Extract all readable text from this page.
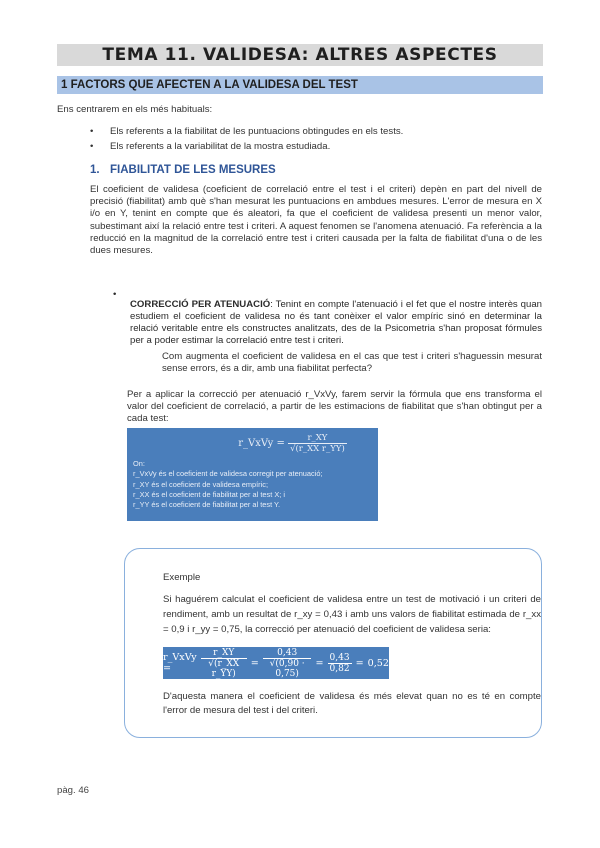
TEMA 11. VALIDESA: ALTRES ASPECTES
1 FACTORS QUE AFECTEN A LA VALIDESA DEL TEST

Ens centrarem en els més habituals:

• Els referents a la fiabilitat de les puntuacions obtingudes en els tests.
• Els referents a la variabilitat de la mostra estudiada.
1. FIABILITAT DE LES MESURES

El coeficient de validesa (coeficient de correlació entre el test i el criteri) depèn en part del nivell de precisió (fiabilitat) amb què s'han mesurat les puntuacions en ambdues mesures. L'error de mesura en X i/o en Y, tenint en compte que és aleatori, fa que el coeficient de validesa presenti un menor valor, subestimant així la relació entre test i criteri. A aquest fenomen se l'anomena atenuació. Fa referència a la reducció en la magnitud de la correlació entre test i criteri causada per la falta de fiabilitat d'una o de les dues mesures.

•

CORRECCIÓ PER ATENUACIÓ: Tenint en compte l'atenuació i el fet que el nostre interès quan estudiem el coeficient de validesa no és tant conèixer el valor empíric sinó en determinar la relació veritable entre els constructes analitzats, des de la Psicometria s'han proposat fórmules per a poder estimar la correlació entre test i criteri.

Com augmenta el coeficient de validesa en el cas que test i criteri s'haguessin mesurat sense errors, és a dir, amb una fiabilitat perfecta?

Per a aplicar la correcció per atenuació r_VxVy, farem servir la fórmula que ens transforma el valor del coeficient de correlació, a partir de les estimacions de fiabilitat que s'han obtingut per a cada test:

r_VxVy = $\frac{r\_XY}{\text{√(r\_XX r\_YY)}}$
On:
r_VxVy és el coeficient de validesa corregit per atenuació;
r_XY és el coeficient de validesa empíric;
r_XX és el coeficient de fiabilitat per al test X; i
r_YY és el coeficient de fiabilitat per al test Y.
Exemple

Si haguérem calculat el coeficient de validesa entre un test de motivació i un criteri de rendiment, amb un resultat de r_xy = 0,43 i amb uns valors de fiabilitat estimada de r_xx = 0,9 i r_yy = 0,75, la correcció per atenuació del coeficient de validesa seria:

r_VxVy =	$\frac{r\_XY}{\text{√(r\_XX r\_YY)}} = \frac{0,43}{√(0,90 \cdot 0,75)} = \frac{0,43}{0,82} = 0,52$

D'aquesta manera el coeficient de validesa és més elevat quan no es té en compte l'error de mesura del test i del criteri.

pàg. 46
